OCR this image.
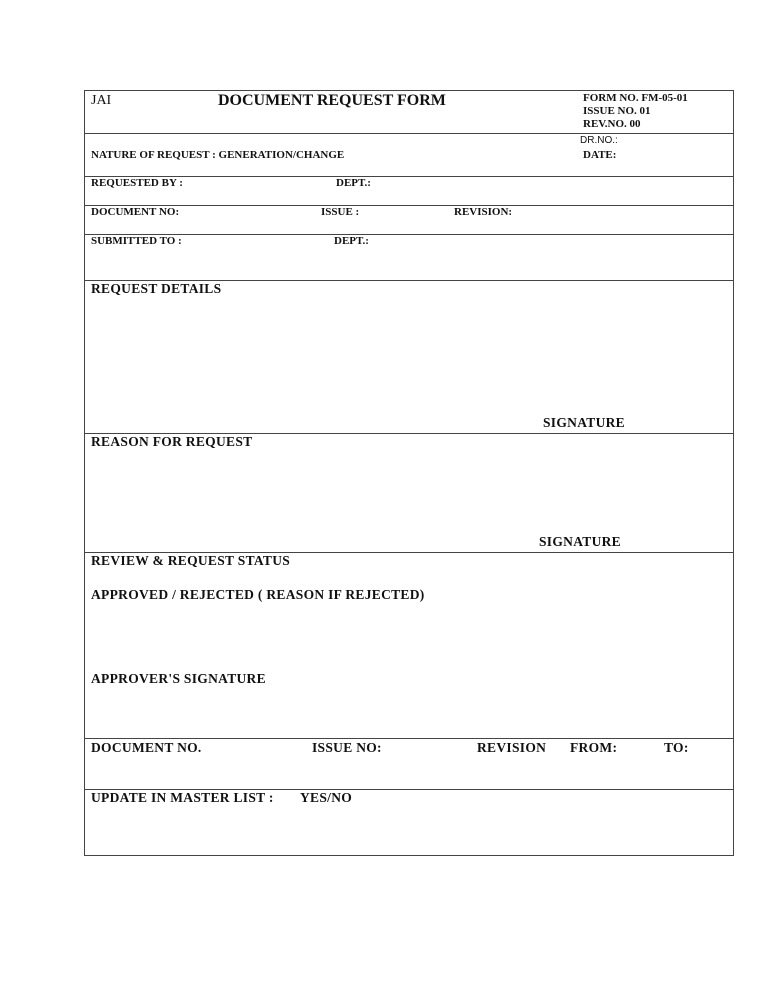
JAI	DOCUMENT REQUEST FORM	FORM NO. FM-05-01
ISSUE NO. 01
REV.NO. 00
DR.NO.:
NATURE OF REQUEST : GENERATION/CHANGE	DATE:
REQUESTED BY :	DEPT.:
DOCUMENT NO:	ISSUE :	REVISION:
SUBMITTED TO :	DEPT.:
REQUEST DETAILS
SIGNATURE
REASON FOR REQUEST
SIGNATURE
REVIEW & REQUEST STATUS
APPROVED / REJECTED ( REASON IF REJECTED)
APPROVER'S SIGNATURE
DOCUMENT NO.	ISSUE NO:	REVISION FROM:	TO:
UPDATE IN MASTER LIST : YES/NO
